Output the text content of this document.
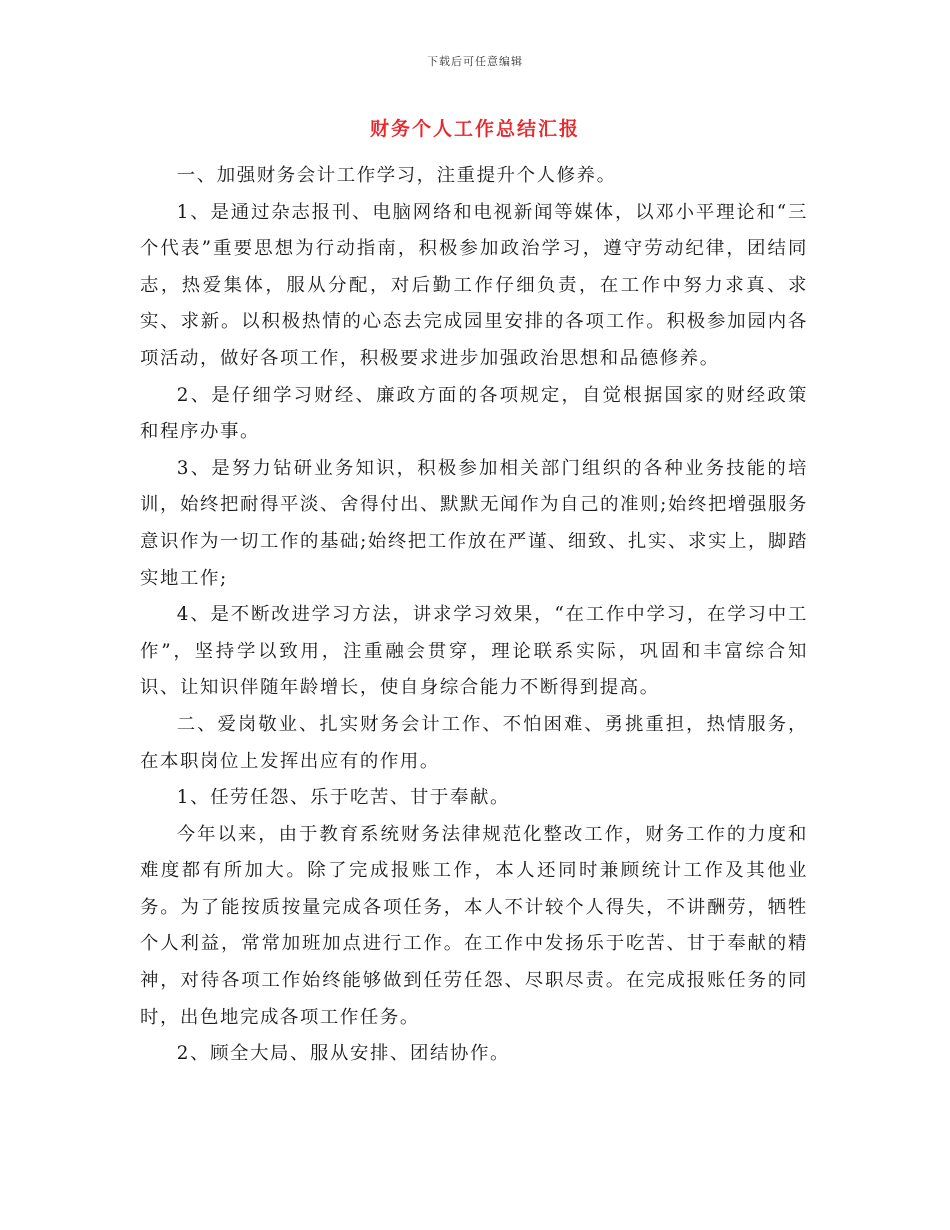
下载后可任意编辑
财务个人工作总结汇报

一、加强财务会计工作学习，注重提升个人修养。

1、是通过杂志报刊、电脑网络和电视新闻等媒体，以邓小平理论和“三个代表”重要思想为行动指南，积极参加政治学习，遵守劳动纪律，团结同志，热爱集体，服从分配，对后勤工作仔细负责，在工作中努力求真、求实、求新。以积极热情的心态去完成园里安排的各项工作。积极参加园内各项活动，做好各项工作，积极要求进步加强政治思想和品德修养。

2、是仔细学习财经、廉政方面的各项规定，自觉根据国家的财经政策和程序办事。

3、是努力钻研业务知识，积极参加相关部门组织的各种业务技能的培训，始终把耐得平淡、舍得付出、默默无闻作为自己的准则;始终把增强服务意识作为一切工作的基础;始终把工作放在严谨、细致、扎实、求实上，脚踏实地工作;

4、是不断改进学习方法，讲求学习效果，“在工作中学习，在学习中工作”，坚持学以致用，注重融会贯穿，理论联系实际，巩固和丰富综合知识、让知识伴随年龄增长，使自身综合能力不断得到提高。

二、爱岗敬业、扎实财务会计工作、不怕困难、勇挑重担，热情服务，在本职岗位上发挥出应有的作用。

1、任劳任怨、乐于吃苦、甘于奉献。

今年以来，由于教育系统财务法律规范化整改工作，财务工作的力度和难度都有所加大。除了完成报账工作，本人还同时兼顾统计工作及其他业务。为了能按质按量完成各项任务，本人不计较个人得失，不讲酬劳，牺牲个人利益，常常加班加点进行工作。在工作中发扬乐于吃苦、甘于奉献的精神，对待各项工作始终能够做到任劳任怨、尽职尽责。在完成报账任务的同时，出色地完成各项工作任务。

2、顾全大局、服从安排、团结协作。
